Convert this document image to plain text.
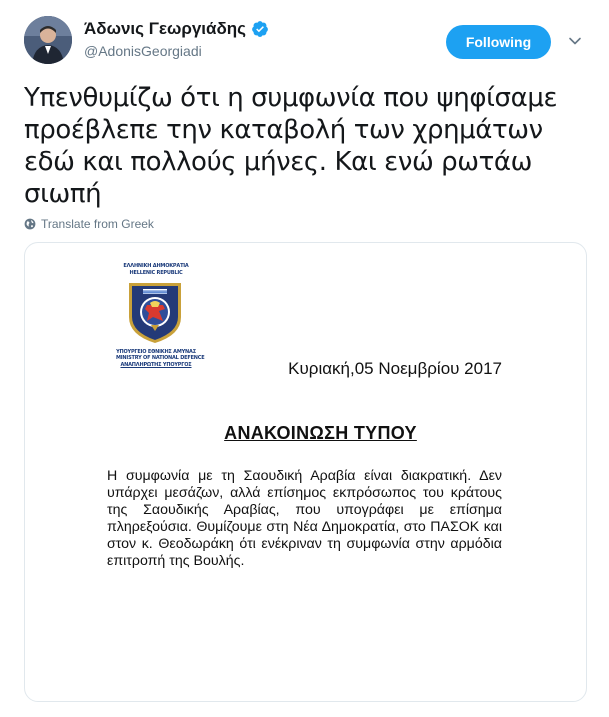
Άδωνις Γεωργιάδης
@AdonisGeorgiadi
Following
Υπενθυμίζω ότι η συμφωνία που ψηφίσαμε προέβλεπε την καταβολή των χρημάτων εδώ και πολλούς μήνες. Και ενώ ρωτάω σιωπή
Translate from Greek
ΕΛΛΗΝΙΚΗ ΔΗΜΟΚΡΑΤΙΑ
HELLENIC REPUBLIC
ΥΠΟΥΡΓΕΙΟ ΕΘΝΙΚΗΣ ΑΜΥΝΑΣ
MINISTRY OF NATIONAL DEFENCE
ΑΝΑΠΛΗΡΩΤΗΣ ΥΠΟΥΡΓΟΣ	Κυριακή,05 Νοεμβρίου 2017
ΑΝΑΚΟΙΝΩΣΗ ΤΥΠΟΥ
Η συμφωνία με τη Σαουδική Αραβία είναι διακρατική. Δεν υπάρχει μεσάζων, αλλά επίσημος εκπρόσωπος του κράτους της Σαουδικής Αραβίας, που υπογράφει με επίσημα πληρεξούσια. Θυμίζουμε στη Νέα Δημοκρατία, στο ΠΑΣΟΚ και στον κ. Θεοδωράκη ότι ενέκριναν τη συμφωνία στην αρμόδια επιτροπή της Βουλής.
